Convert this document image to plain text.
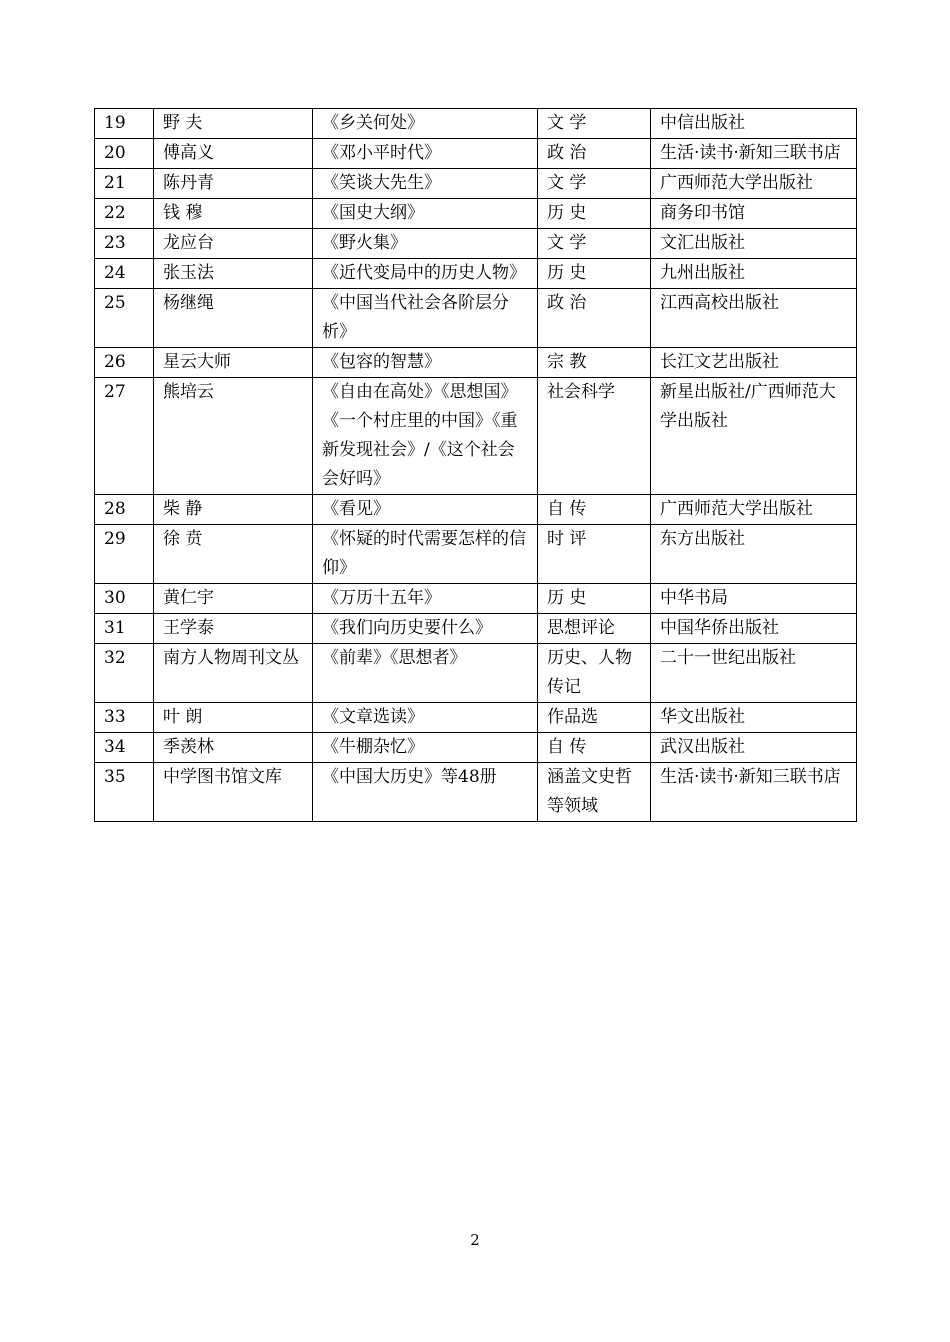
19	野 夫	《乡关何处》	文 学	中信出版社
20	傅高义	《邓小平时代》	政 治	生活·读书·新知三联书店
21	陈丹青	《笑谈大先生》	文 学	广西师范大学出版社
22	钱 穆	《国史大纲》	历 史	商务印书馆
23	龙应台	《野火集》	文 学	文汇出版社
24	张玉法	《近代变局中的历史人物》	历 史	九州出版社
25	杨继绳	《中国当代社会各阶层分析》	政 治	江西高校出版社
26	星云大师	《包容的智慧》	宗 教	长江文艺出版社
27	熊培云	《自由在高处》《思想国》《一个村庄里的中国》《重新发现社会》/《这个社会会好吗》	社会科学	新星出版社/广西师范大学出版社
28	柴 静	《看见》	自 传	广西师范大学出版社
29	徐 贲	《怀疑的时代需要怎样的信仰》	时 评	东方出版社
30	黄仁宇	《万历十五年》	历 史	中华书局
31	王学泰	《我们向历史要什么》	思想评论	中国华侨出版社
32	南方人物周刊文丛	《前辈》《思想者》	历史、人物传记	二十一世纪出版社
33	叶 朗	《文章选读》	作品选	华文出版社
34	季羡林	《牛棚杂忆》	自 传	武汉出版社
35	中学图书馆文库	《中国大历史》等48册	涵盖文史哲等领域	生活·读书·新知三联书店
2
